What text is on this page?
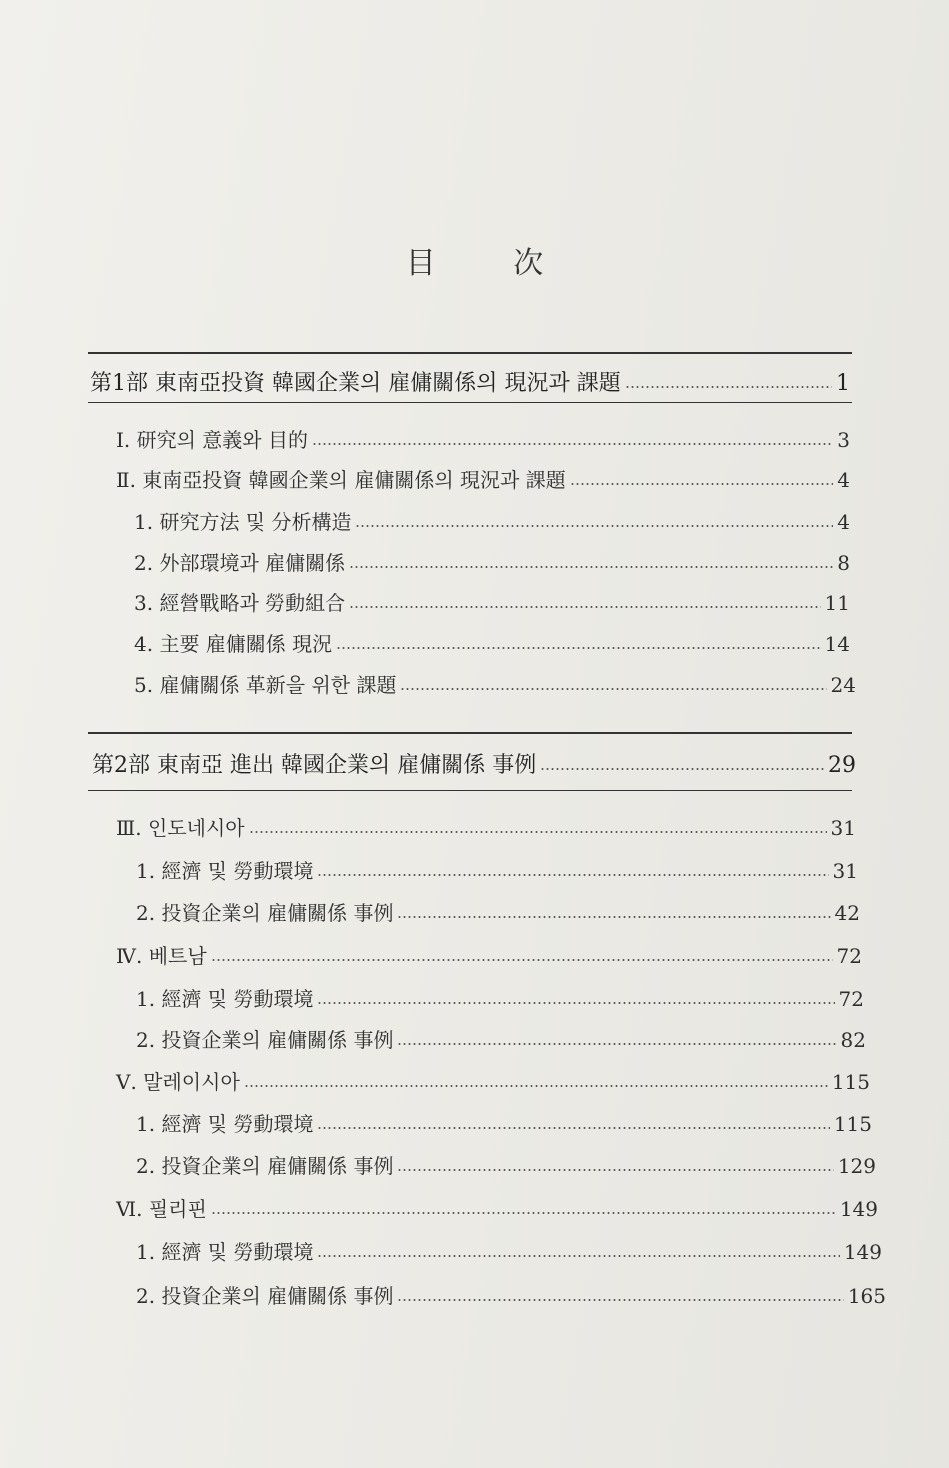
目 次
第1部 東南亞投資 韓國企業의 雇傭關係의 現況과 課題	1
Ⅰ. 研究의 意義와 目的	3
Ⅱ. 東南亞投資 韓國企業의 雇傭關係의 現況과 課題	4
1. 研究方法 및 分析構造	4
2. 外部環境과 雇傭關係	8
3. 經營戰略과 勞動組合	11
4. 主要 雇傭關係 現況	14
5. 雇傭關係 革新을 위한 課題	24
第2部 東南亞 進出 韓國企業의 雇傭關係 事例	29
Ⅲ. 인도네시아	31
1. 經濟 및 勞動環境	31
2. 投資企業의 雇傭關係 事例	42
Ⅳ. 베트남	72
1. 經濟 및 勞動環境	72
2. 投資企業의 雇傭關係 事例	82
Ⅴ. 말레이시아	115
1. 經濟 및 勞動環境	115
2. 投資企業의 雇傭關係 事例	129
Ⅵ. 필리핀	149
1. 經濟 및 勞動環境	149
2. 投資企業의 雇傭關係 事例	165
